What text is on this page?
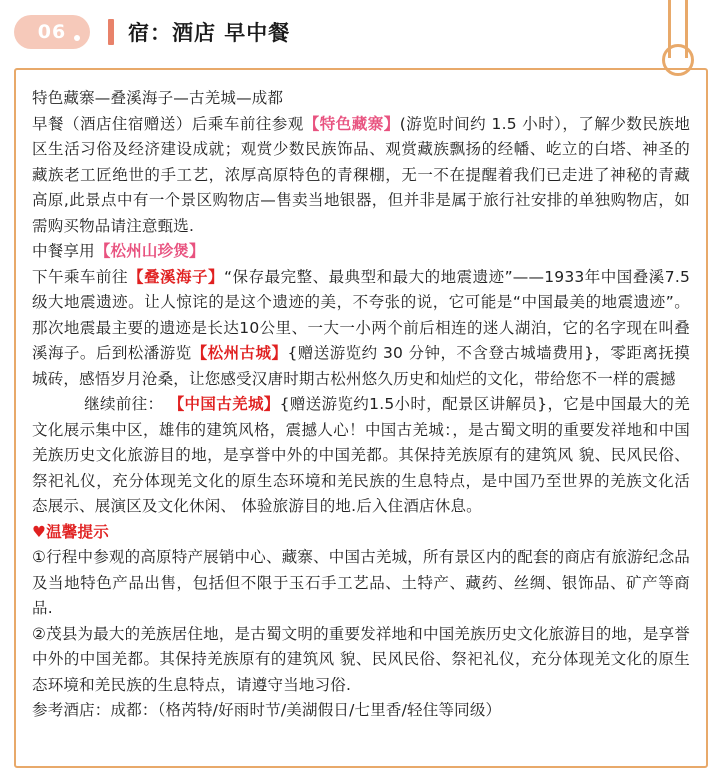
06	宿：酒店 早中餐

特色藏寨—叠溪海子—古羌城—成都

早餐（酒店住宿赠送）后乘车前往参观【特色藏寨】(游览时间约 1.5 小时），了解少数民族地区生活习俗及经济建设成就；观赏少数民族饰品、观赏藏族飘扬的经幡、屹立的白塔、神圣的藏族老工匠绝世的手工艺，浓厚高原特色的青稞棚，无一不在提醒着我们已走进了神秘的青藏高原,此景点中有一个景区购物店—售卖当地银器，但并非是属于旅行社安排的单独购物店，如需购买物品请注意甄选.

中餐享用【松州山珍煲】

下午乘车前往【叠溪海子】“保存最完整、最典型和最大的地震遗迹”——1933年中国叠溪7.5级大地震遗迹。让人惊诧的是这个遗迹的美，不夸张的说，它可能是“中国最美的地震遗迹”。那次地震最主要的遗迹是长达10公里、一大一小两个前后相连的迷人湖泊，它的名字现在叫叠溪海子。后到松潘游览【松州古城】{赠送游览约 30 分钟，不含登古城墙费用}，零距离抚摸城砖，感悟岁月沧桑，让您感受汉唐时期古松州悠久历史和灿烂的文化，带给您不一样的震撼

继续前往： 【中国古羌城】{赠送游览约1.5小时，配景区讲解员}，它是中国最大的羌文化展示集中区，雄伟的建筑风格，震撼人心！中国古羌城：，是古蜀文明的重要发祥地和中国羌族历史文化旅游目的地，是享誉中外的中国羌都。其保持羌族原有的建筑风 貌、民风民俗、祭祀礼仪，充分体现羌文化的原生态环境和羌民族的生息特点，是中国乃至世界的羌族文化活态展示、展演区及文化休闲、 体验旅游目的地.后入住酒店休息。

♥温馨提示

①行程中参观的高原特产展销中心、藏寨、中国古羌城，所有景区内的配套的商店有旅游纪念品及当地特色产品出售，包括但不限于玉石手工艺品、土特产、藏药、丝绸、银饰品、矿产等商品.

②茂县为最大的羌族居住地，是古蜀文明的重要发祥地和中国羌族历史文化旅游目的地，是享誉中外的中国羌都。其保持羌族原有的建筑风 貌、民风民俗、祭祀礼仪，充分体现羌文化的原生态环境和羌民族的生息特点，请遵守当地习俗.

参考酒店：成都：（格芮特/好雨时节/美湖假日/七里香/轻住等同级）
